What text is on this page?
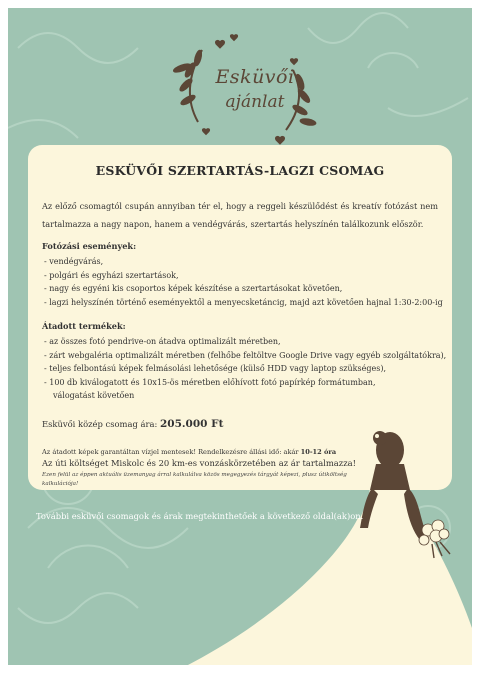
Esküvői
ajánlat
ESKÜVŐI SZERTARTÁS-LAGZI CSOMAG
Az előző csomagtól csupán annyiban tér el, hogy a reggeli készülődést és kreatív fotózást nem tartalmazza a nagy napon, hanem a vendégvárás, szertartás helyszínén találkozunk először.
Fotózási események:
- vendégvárás,
- polgári és egyházi szertartások,
- nagy és egyéni kis csoportos képek készítése a szertartásokat követően,
- lagzi helyszínén történő eseményektől a menyecsketáncig, majd azt követően hajnal 1:30-2:00-ig
Átadott termékek:
- az összes fotó pendrive-on átadva optimalizált méretben,
- zárt webgaléria optimalizált méretben (felhőbe feltöltve Google Drive vagy egyéb szolgáltatókra),
- teljes felbontású képek felmásolási lehetősége (külső HDD vagy laptop szükséges),
- 100 db kiválogatott és 10x15-ös méretben előhívott fotó papírkép formátumban,
válogatást követően
Esküvői közép csomag ára: 205.000 Ft
Az átadott képek garantáltan vízjel mentesek! Rendelkezésre állási idő: akár 10-12 óra
Az úti költséget Miskolc és 20 km-es vonzáskörzetében az ár tartalmazza!
Ezen felül az éppen aktuális üzemanyag árral kalkulálva közös megegyezés tárgyát képezi, plusz útiköltség kalkulációja!
További esküvői csomagok és árak megtekinthetőek a következő oldal(ak)on.
